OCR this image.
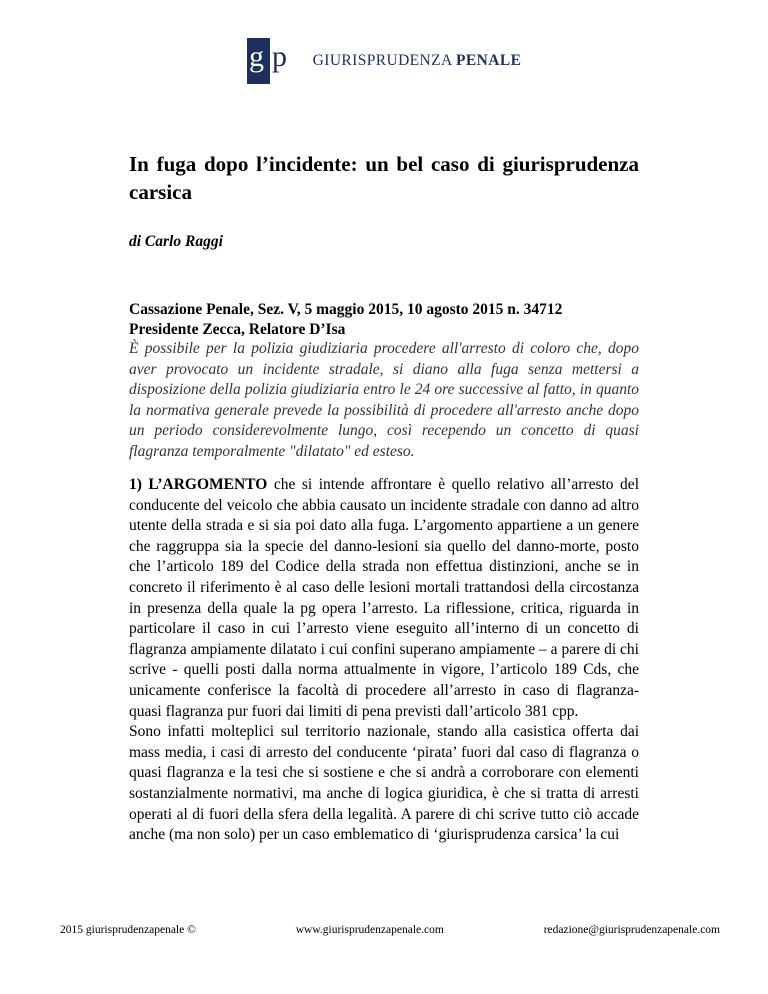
g p GIURISPRUDENZA PENALE
In fuga dopo l’incidente: un bel caso di giurisprudenza carsica
di Carlo Raggi
Cassazione Penale, Sez. V, 5 maggio 2015, 10 agosto 2015 n. 34712
Presidente Zecca, Relatore D’Isa
È possibile per la polizia giudiziaria procedere all'arresto di coloro che, dopo aver provocato un incidente stradale, si diano alla fuga senza mettersi a disposizione della polizia giudiziaria entro le 24 ore successive al fatto, in quanto la normativa generale prevede la possibilità di procedere all'arresto anche dopo un periodo considerevolmente lungo, così recependo un concetto di quasi flagranza temporalmente "dilatato" ed esteso.

1) L’ARGOMENTO che si intende affrontare è quello relativo all’arresto del conducente del veicolo che abbia causato un incidente stradale con danno ad altro utente della strada e si sia poi dato alla fuga. L’argomento appartiene a un genere che raggruppa sia la specie del danno-lesioni sia quello del danno-morte, posto che l’articolo 189 del Codice della strada non effettua distinzioni, anche se in concreto il riferimento è al caso delle lesioni mortali trattandosi della circostanza in presenza della quale la pg opera l’arresto. La riflessione, critica, riguarda in particolare il caso in cui l’arresto viene eseguito all’interno di un concetto di flagranza ampiamente dilatato i cui confini superano ampiamente – a parere di chi scrive - quelli posti dalla norma attualmente in vigore, l’articolo 189 Cds, che unicamente conferisce la facoltà di procedere all’arresto in caso di flagranza-quasi flagranza pur fuori dai limiti di pena previsti dall’articolo 381 cpp.

Sono infatti molteplici sul territorio nazionale, stando alla casistica offerta dai mass media, i casi di arresto del conducente ‘pirata’ fuori dal caso di flagranza o quasi flagranza e la tesi che si sostiene e che si andrà a corroborare con elementi sostanzialmente normativi, ma anche di logica giuridica, è che si tratta di arresti operati al di fuori della sfera della legalità. A parere di chi scrive tutto ciò accade anche (ma non solo) per un caso emblematico di ‘giurisprudenza carsica’ la cui

2015 giurisprudenzapenale ©	www.giurisprudenzapenale.com	redazione@giurisprudenzapenale.com
